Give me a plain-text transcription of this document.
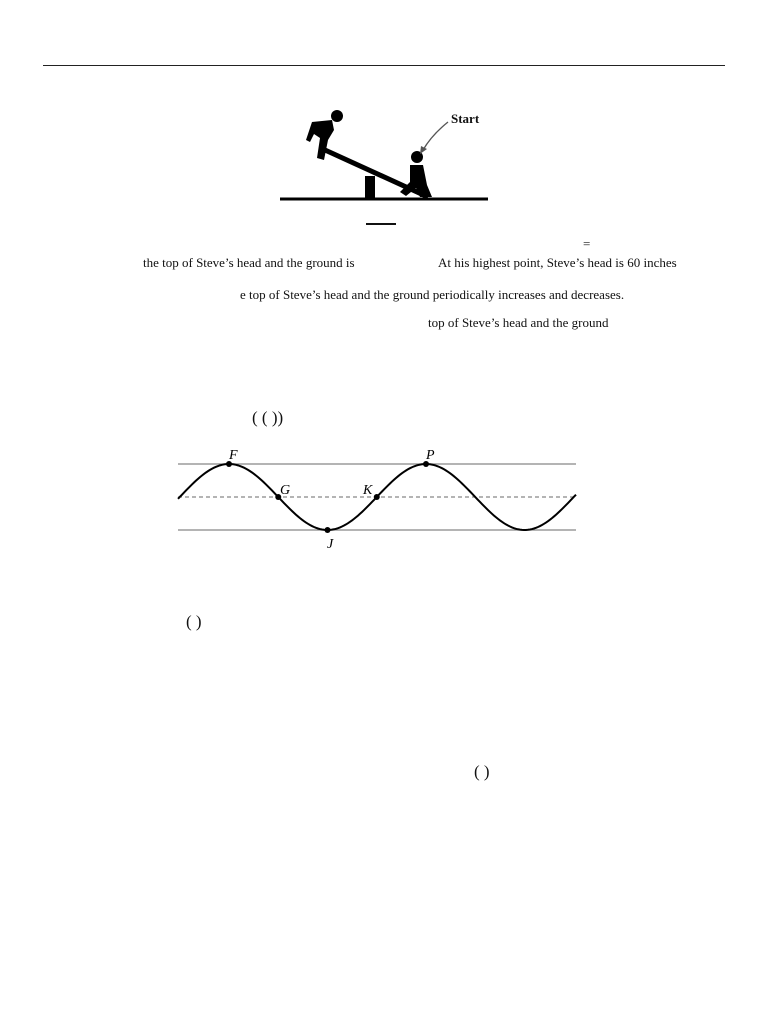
Start
=
the top of Steve’s head and the ground is	At his highest point, Steve’s head is 60 inches
e top of Steve’s head and the ground periodically increases and decreases.
top of Steve’s head and the ground
( ( ))
F
G	K
P
J
( )
( )
